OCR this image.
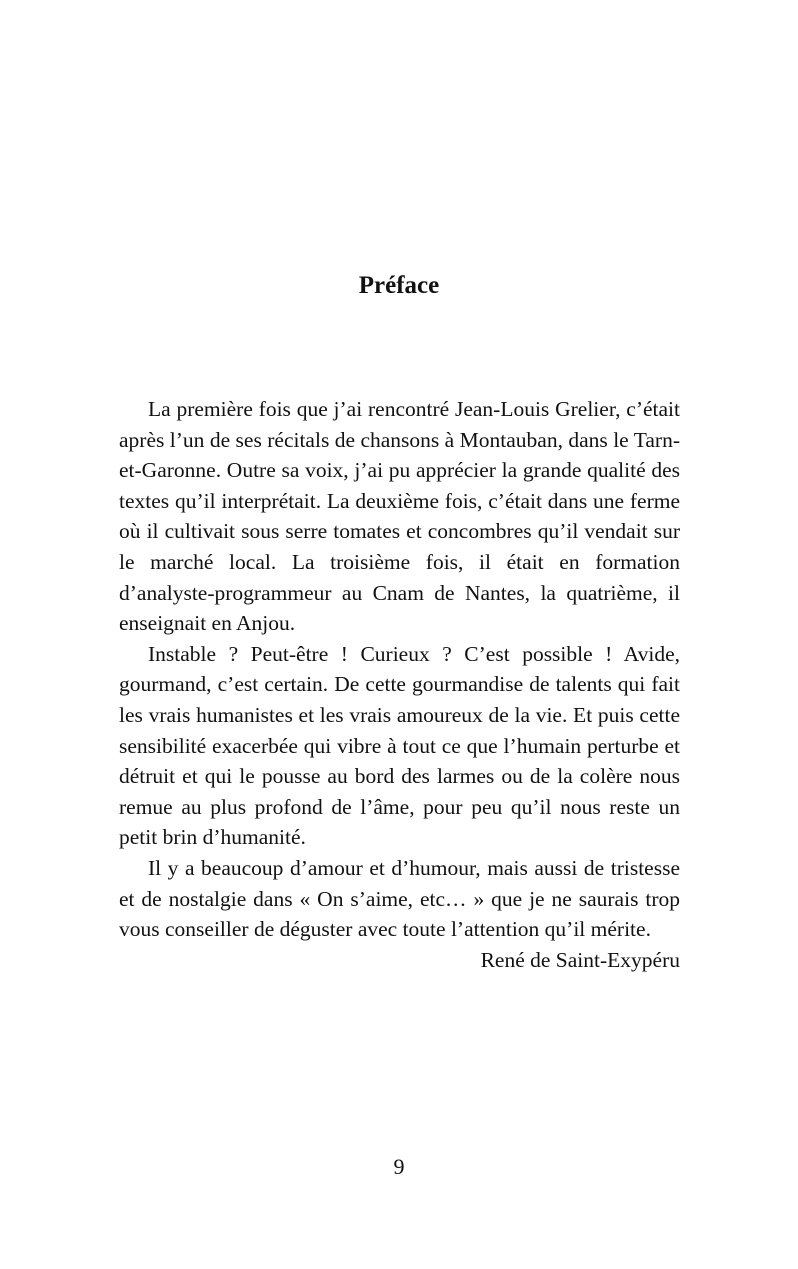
Préface

La première fois que j’ai rencontré Jean-Louis Grelier, c’était après l’un de ses récitals de chansons à Montauban, dans le Tarn-et-Garonne. Outre sa voix, j’ai pu apprécier la grande qualité des textes qu’il interprétait. La deuxième fois, c’était dans une ferme où il cultivait sous serre tomates et concombres qu’il vendait sur le marché local. La troisième fois, il était en formation d’analyste-programmeur au Cnam de Nantes, la quatrième, il enseignait en Anjou.

Instable ? Peut-être ! Curieux ? C’est possible ! Avide, gourmand, c’est certain. De cette gourmandise de talents qui fait les vrais humanistes et les vrais amoureux de la vie. Et puis cette sensibilité exacerbée qui vibre à tout ce que l’humain perturbe et détruit et qui le pousse au bord des larmes ou de la colère nous remue au plus profond de l’âme, pour peu qu’il nous reste un petit brin d’humanité.

Il y a beaucoup d’amour et d’humour, mais aussi de tristesse et de nostalgie dans « On s’aime, etc… » que je ne saurais trop vous conseiller de déguster avec toute l’attention qu’il mérite.

René de Saint-Exypéru

9
